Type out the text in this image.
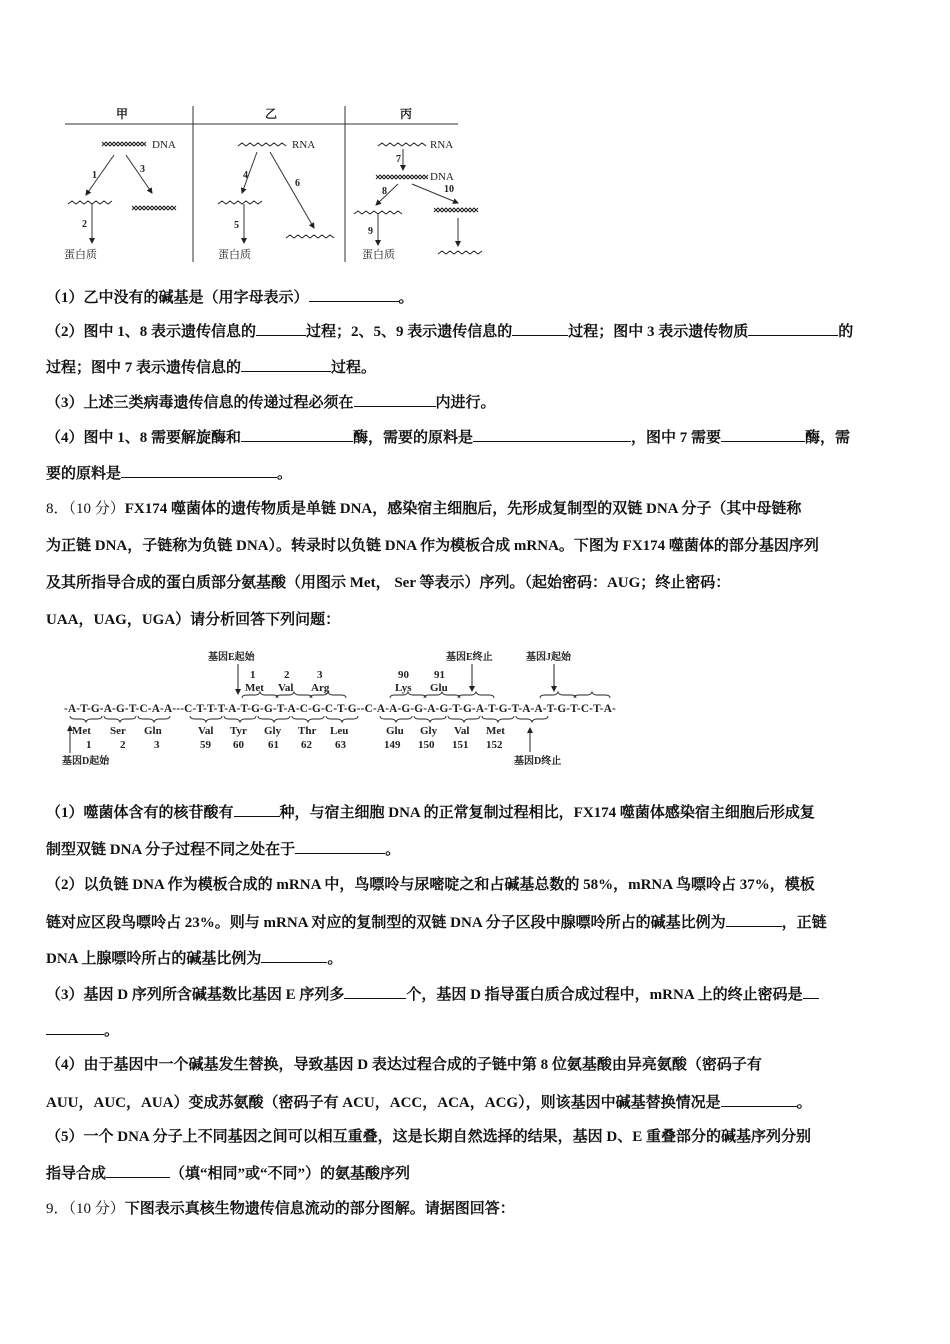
甲	乙	丙
DNA
1
3
2
蛋白质
RNA
4
6
5
蛋白质
RNA
7
DNA
8	10
9
蛋白质
（1）乙中没有的碱基是（用字母表示）	。
（2）图中 1、8 表示遗传信息的	过程；2、5、9 表示遗传信息的	过程；图中 3 表示遗传物质	的
过程；图中 7 表示遗传信息的	过程。
（3）上述三类病毒遗传信息的传递过程必须在	内进行。
（4）图中 1、8 需要解旋酶和	酶，需要的原料是	，图中 7 需要	酶，需
要的原料是	。
8．（10 分）FX174 噬菌体的遗传物质是单链 DNA，感染宿主细胞后，先形成复制型的双链 DNA 分子（其中母链称
为正链 DNA，子链称为负链 DNA）。转录时以负链 DNA 作为模板合成 mRNA。下图为 FX174 噬菌体的部分基因序列
及其所指导合成的蛋白质部分氨基酸（用图示 Met， Ser 等表示）序列。（起始密码：AUG；终止密码：
UAA，UAG，UGA）请分析回答下列问题：
基因E起始	基因E终止	基因J起始
1
Met
2
Val
3
Arg
90
Lys
91
Glu
-A-T-G-A-G-T-C-A-A---C-T-T-T-A-T-G-G-T-A-C-G-C-T-G--C-A-A-G-G-A-G-T-G-A-T-G-T-A-A-T-G-T-C-T-A-
Met
1
Ser
2
Gln
3
Val
59
Tyr
60
Gly
61
Thr
62
Leu
63
Glu
149
Gly
150
Val
151
Met
152
基因D起始	基因D终止
（1）噬菌体含有的核苷酸有	种，与宿主细胞 DNA 的正常复制过程相比，FX174 噬菌体感染宿主细胞后形成复
制型双链 DNA 分子过程不同之处在于	。
（2）以负链 DNA 作为模板合成的 mRNA 中，鸟嘌呤与尿嘧啶之和占碱基总数的 58%，mRNA 鸟嘌呤占 37%，模板
链对应区段鸟嘌呤占 23%。则与 mRNA 对应的复制型的双链 DNA 分子区段中腺嘌呤所占的碱基比例为	，正链
DNA 上腺嘌呤所占的碱基比例为	。
（3）基因 D 序列所含碱基数比基因 E 序列多	个，基因 D 指导蛋白质合成过程中，mRNA 上的终止密码是
。
（4）由于基因中一个碱基发生替换，导致基因 D 表达过程合成的子链中第 8 位氨基酸由异亮氨酸（密码子有
AUU，AUC，AUA）变成苏氨酸（密码子有 ACU，ACC，ACA，ACG），则该基因中碱基替换情况是	。
（5）一个 DNA 分子上不同基因之间可以相互重叠，这是长期自然选择的结果，基因 D、E 重叠部分的碱基序列分别
指导合成	（填“相同”或“不同”）的氨基酸序列
9．（10 分）下图表示真核生物遗传信息流动的部分图解。请据图回答：
